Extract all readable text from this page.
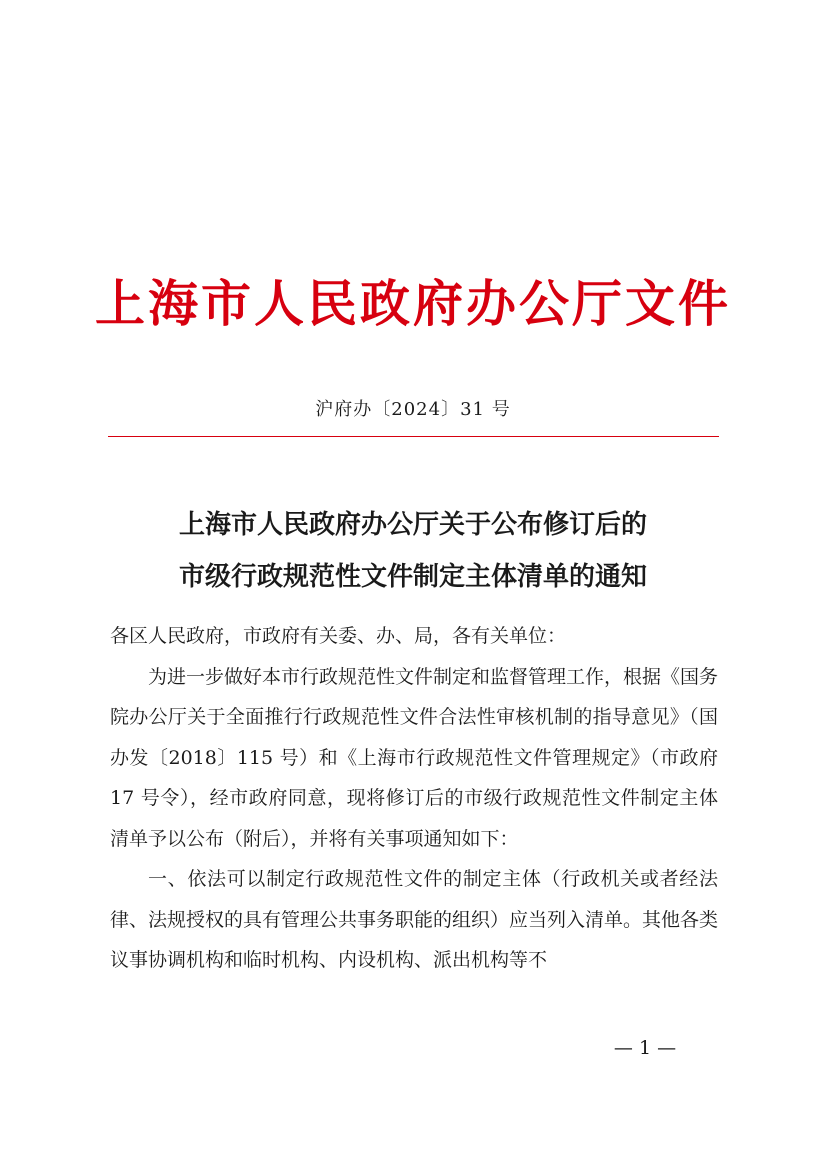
上海市人民政府办公厅文件
沪府办〔2024〕31 号
上海市人民政府办公厅关于公布修订后的
市级行政规范性文件制定主体清单的通知

各区人民政府，市政府有关委、办、局，各有关单位：

为进一步做好本市行政规范性文件制定和监督管理工作，根据《国务院办公厅关于全面推行行政规范性文件合法性审核机制的指导意见》（国办发〔2018〕115 号）和《上海市行政规范性文件管理规定》（市政府 17 号令），经市政府同意，现将修订后的市级行政规范性文件制定主体清单予以公布（附后），并将有关事项通知如下：

一、依法可以制定行政规范性文件的制定主体（行政机关或者经法律、法规授权的具有管理公共事务职能的组织）应当列入清单。其他各类议事协调机构和临时机构、内设机构、派出机构等不

— 1 —
